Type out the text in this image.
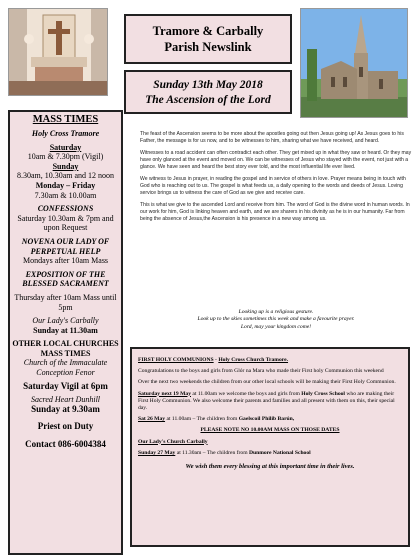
Tramore & Carbally
Parish Newslink
Sunday 13th May 2018
The Ascension of the Lord
MASS TIMES
Holy Cross Tramore
Saturday
10am & 7.30pm (Vigil)
Sunday
8.30am, 10.30am and 12 noon
Monday – Friday
7.30am & 10.00am
CONFESSIONS
Saturday 10.30am & 7pm and upon Request
NOVENA OUR LADY OF PERPETUAL HELP
Mondays after 10am Mass
EXPOSITION OF THE BLESSED SACRAMENT
Thursday after 10am Mass until 5pm
Our Lady's Carbally
Sunday at 11.30am
OTHER LOCAL CHURCHES MASS TIMES
Church of the Immaculate Conception Fenor
Saturday Vigil at 6pm
Sacred Heart Dunhill
Sunday at 9.30am
Priest on Duty
Contact 086-6004384

The feast of the Ascension seems to be more about the apostles going out then Jesus going up! As Jesus goes to his Father, the message is for us now, and to be witnesses to him, sharing what we have received, and heard.

Witnesses to a road accident can often contradict each other. They get mixed up in what they saw or heard. Or they may have only glanced at the event and moved on. We can be witnesses of Jesus who stayed with the event, not just with a glance. We have seen and heard the best story ever told, and the most influential life ever lived.

We witness to Jesus in prayer, in reading the gospel and in service of others in love. Prayer means being in touch with God who is reaching out to us. The gospel is what feeds us, a daily opening to the words and deeds of Jesus. Loving service brings us to witness the care of God as we give and receive care.

This is what we give to the ascended Lord and receive from him. The word of God is the divine word in human words. In our work for him, God is linking heaven and earth, and we are sharers in his divinity as he is in our humanity. Far from being the absence of Jesus,the Ascension is his presence in a new way among us.

Looking up is a religious gesture.
Look up to the skies sometimes this week and make a favourite prayer.
Lord, may your kingdom come!

FIRST HOLY COMMUNIONS - Holy Cross Church Tramore.

Congratulations to the boys and girls from Glór na Mara who made their First holy Communion this weekend

Over the next two weekends the children from our other local schools will be making their First Holy Communion.

Saturday next 19 May at 11.00am we welcome the boys and girls from Holy Cross School who are making their First Holy Communion. We also welcome their parents and families and all present with them on this, their special day.

Sat 26 May at 11.00am – The children from Gaelscoil Philib Barún,

PLEASE NOTE NO 10.00AM MASS ON THOSE DATES

Our Lady's Church Carbally

Sunday 27 May at 11.30am – The children from Dunmore National School

We wish them every blessing at this important time in their lives.
